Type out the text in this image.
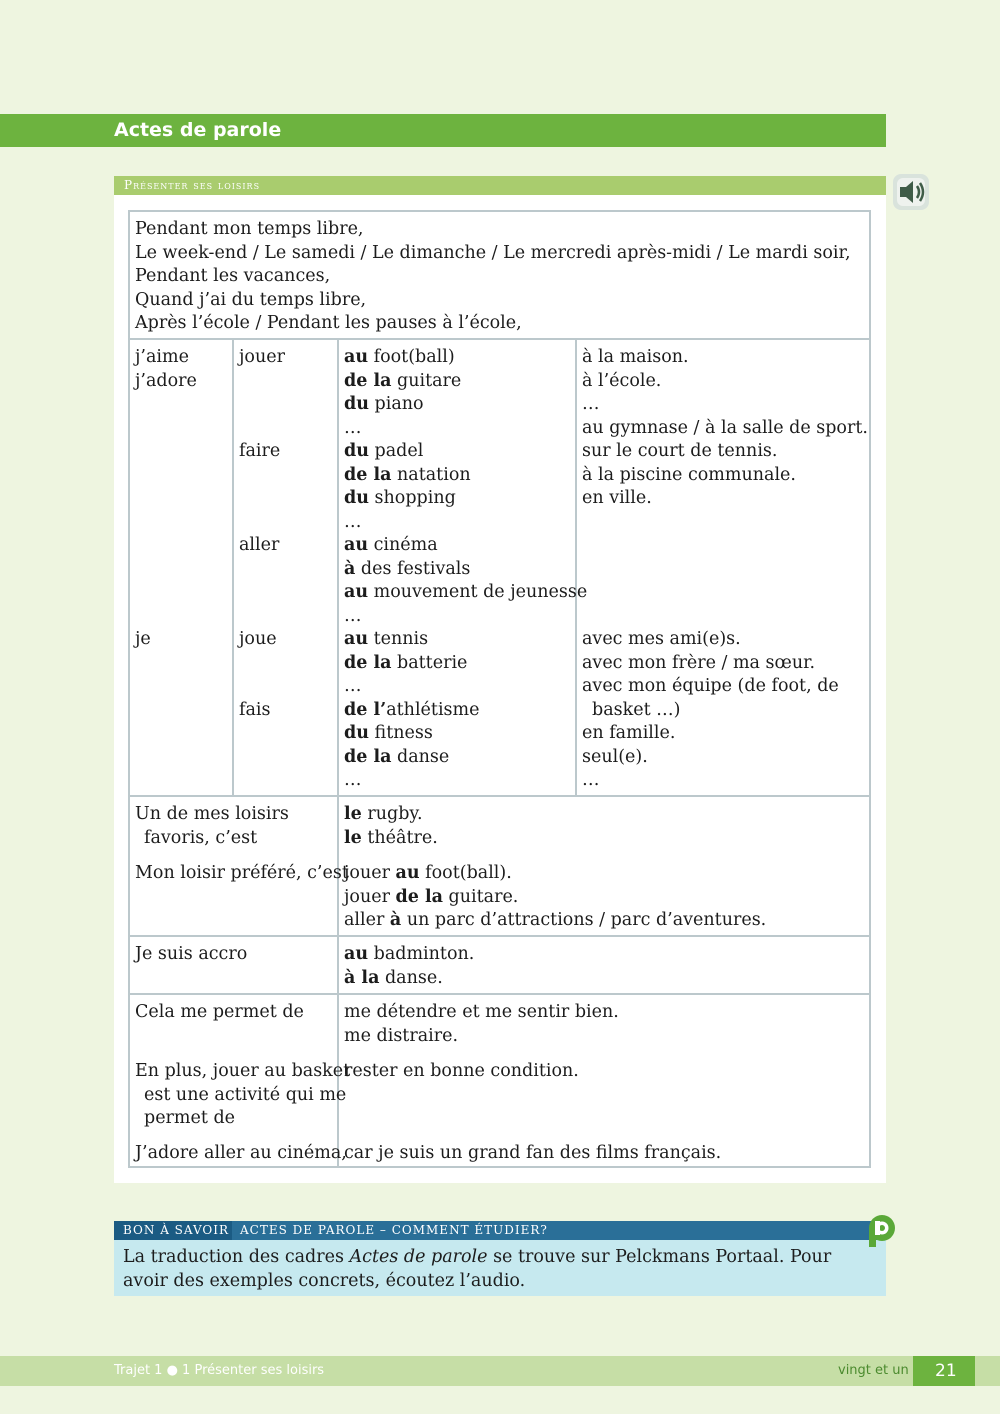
Actes de parole
Présenter ses loisirs
Pendant mon temps libre,
Le week-end / Le samedi / Le dimanche / Le mercredi après-midi / Le mardi soir,
Pendant les vacances,
Quand j’ai du temps libre,
Après l’école / Pendant les pauses à l’école,
j’aime
j’adore
je
jouer
faire
aller
joue
fais
au foot(ball)
de la guitare
du piano
…
du padel
de la natation
du shopping
…
au cinéma
à des festivals
au mouvement de jeunesse
…
au tennis
de la batterie
…
de l’athlétisme
du fitness
de la danse
…
à la maison.
à l’école.
…
au gymnase / à la salle de sport.
sur le court de tennis.
à la piscine communale.
en ville.
avec mes ami(e)s.
avec mon frère / ma sœur.
avec mon équipe (de foot, de
basket …)
en famille.
seul(e).
…
Un de mes loisirs
favoris, c’est
le rugby.
le théâtre.
Mon loisir préféré, c’est
jouer au foot(ball).
jouer de la guitare.
aller à un parc d’attractions / parc d’aventures.
Je suis accro	au badminton.
à la danse.
Cela me permet de me détendre et me sentir bien.
me distraire.
En plus, jouer au basket
est une activité qui me
permet de
rester en bonne condition.
J’adore aller au cinéma,
car je suis un grand fan des films français.
BON À SAVOIR ACTES DE PAROLE – COMMENT ÉTUDIER?
La traduction des cadres Actes de parole se trouve sur Pelckmans Portaal. Pour avoir des exemples concrets, écoutez l’audio.
Trajet 1 ● 1 Présenter ses loisirs	vingt et un 21
